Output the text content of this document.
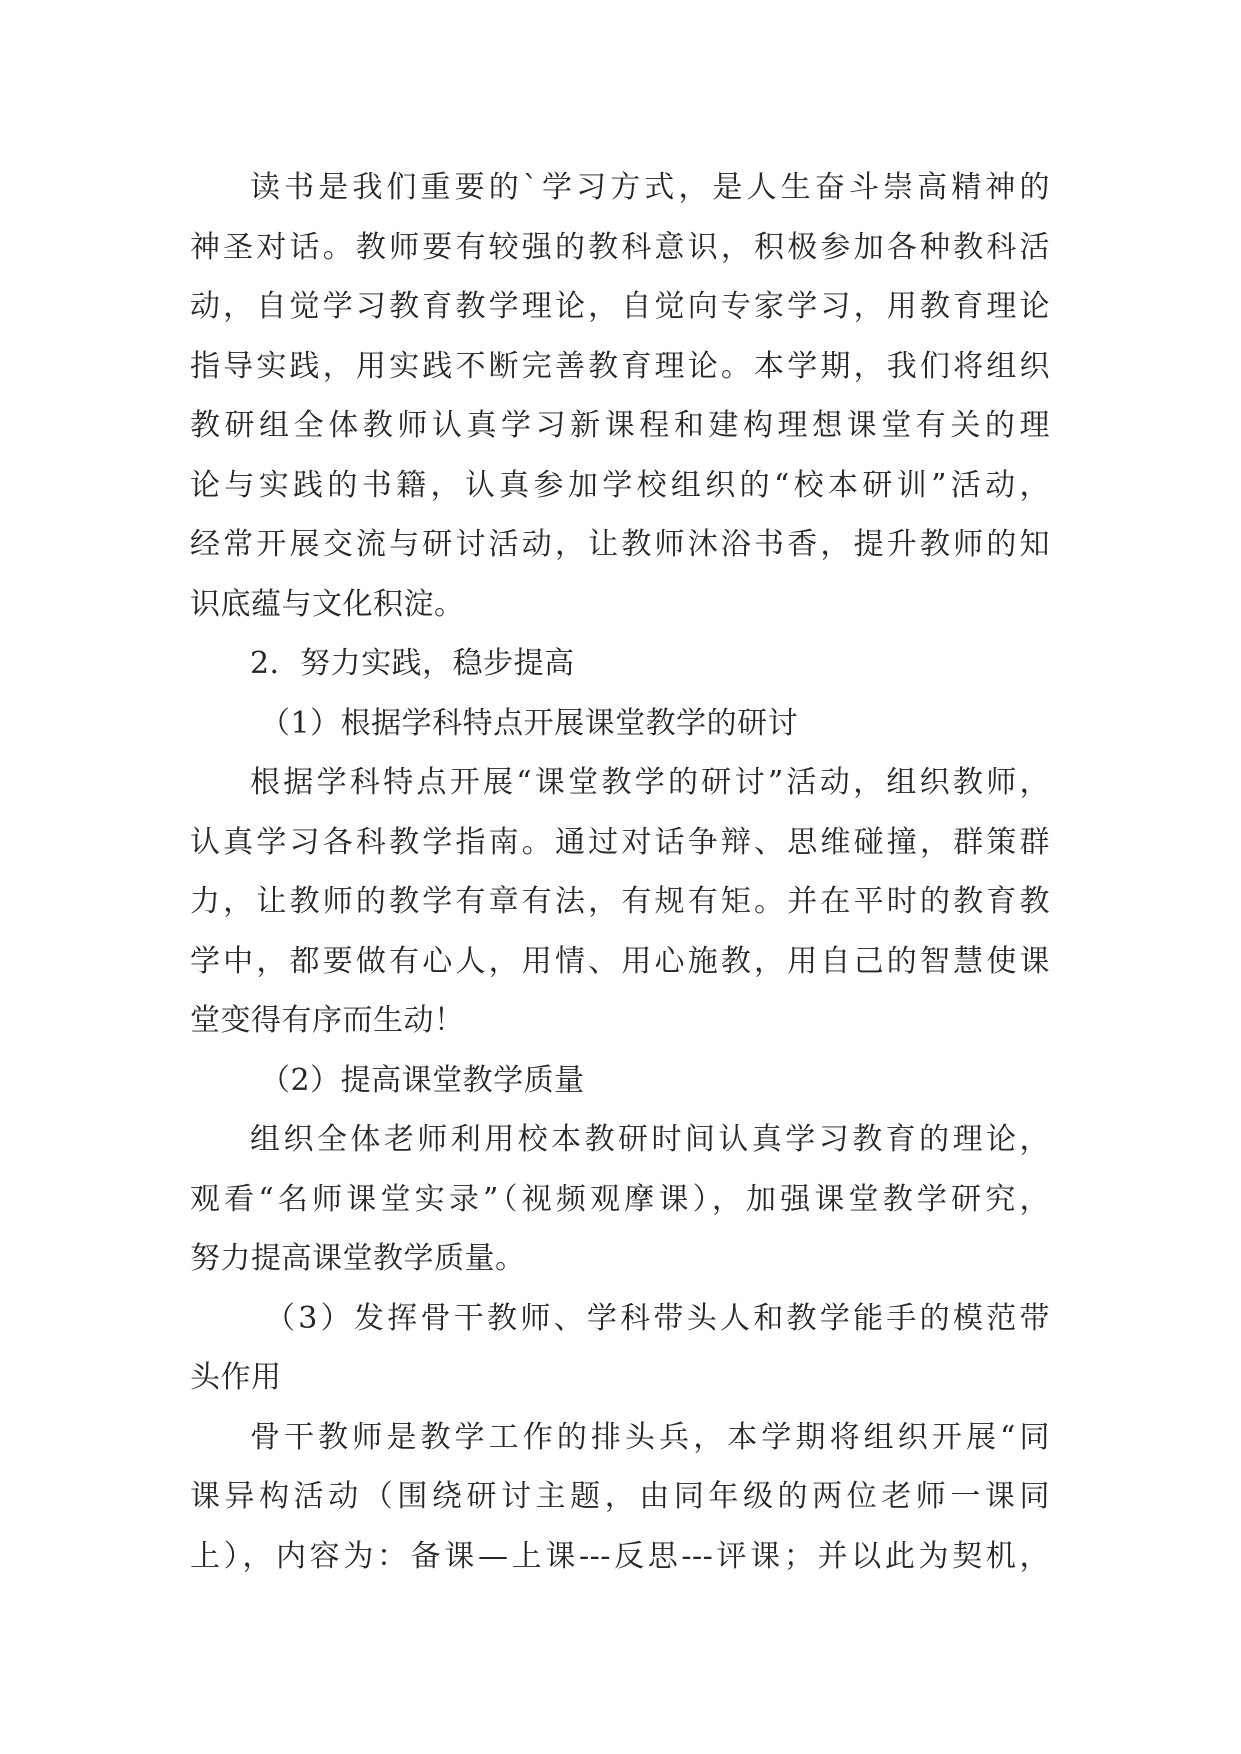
读书是我们重要的`学习方式，是人生奋斗崇高精神的
神圣对话。教师要有较强的教科意识，积极参加各种教科活
动，自觉学习教育教学理论，自觉向专家学习，用教育理论
指导实践，用实践不断完善教育理论。本学期，我们将组织
教研组全体教师认真学习新课程和建构理想课堂有关的理
论与实践的书籍，认真参加学校组织的“校本研训”活动，
经常开展交流与研讨活动，让教师沐浴书香，提升教师的知
识底蕴与文化积淀。
2．努力实践，稳步提高
（1）根据学科特点开展课堂教学的研讨
根据学科特点开展“课堂教学的研讨”活动，组织教师，
认真学习各科教学指南。通过对话争辩、思维碰撞，群策群
力，让教师的教学有章有法，有规有矩。并在平时的教育教
学中，都要做有心人，用情、用心施教，用自己的智慧使课
堂变得有序而生动！
（2）提高课堂教学质量
组织全体老师利用校本教研时间认真学习教育的理论，
观看“名师课堂实录”（视频观摩课），加强课堂教学研究，
努力提高课堂教学质量。
（3）发挥骨干教师、学科带头人和教学能手的模范带
头作用
骨干教师是教学工作的排头兵，本学期将组织开展“同
课异构活动（围绕研讨主题，由同年级的两位老师一课同
上），内容为：备课—上课---反思---评课；并以此为契机，
